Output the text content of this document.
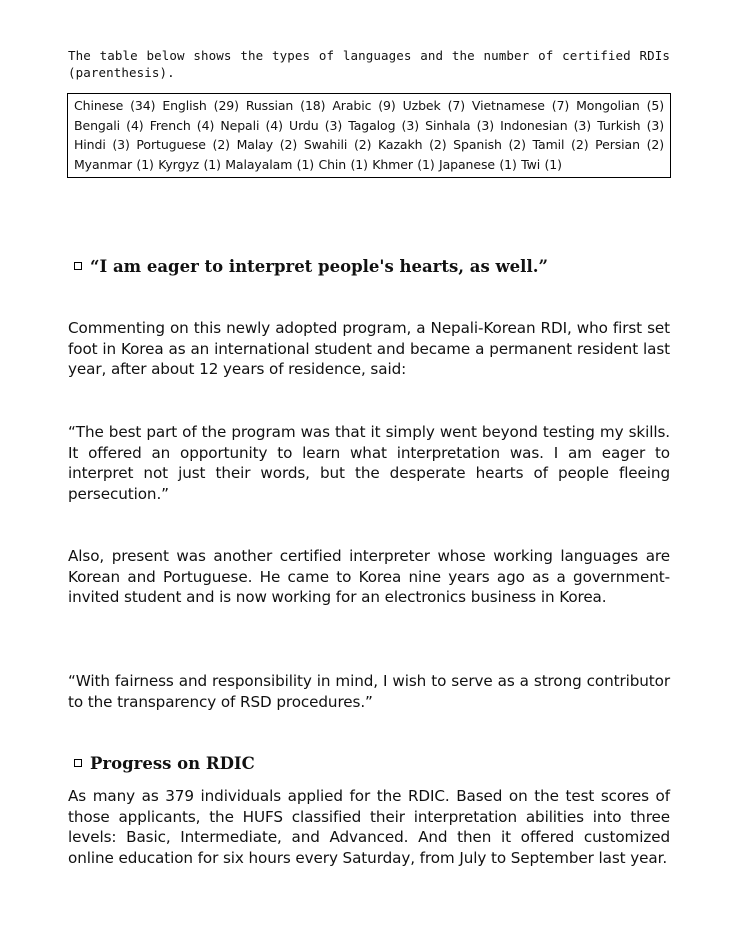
The table below shows the types of languages and the number of certified RDIs (parenthesis).
Chinese (34) English (29) Russian (18) Arabic (9) Uzbek (7) Vietnamese (7) Mongolian (5) Bengali (4) French (4) Nepali (4) Urdu (3) Tagalog (3) Sinhala (3) Indonesian (3) Turkish (3) Hindi (3) Portuguese (2) Malay (2) Swahili (2) Kazakh (2) Spanish (2) Tamil (2) Persian (2) Myanmar (1) Kyrgyz (1) Malayalam (1) Chin (1) Khmer (1) Japanese (1) Twi (1)
“I am eager to interpret people's hearts, as well.”
Commenting on this newly adopted program, a Nepali-Korean RDI, who first set foot in Korea as an international student and became a permanent resident last year, after about 12 years of residence, said:
“The best part of the program was that it simply went beyond testing my skills. It offered an opportunity to learn what interpretation was. I am eager to interpret not just their words, but the desperate hearts of people fleeing persecution.”
Also, present was another certified interpreter whose working languages are Korean and Portuguese. He came to Korea nine years ago as a government-invited student and is now working for an electronics business in Korea.
“With fairness and responsibility in mind, I wish to serve as a strong contributor to the transparency of RSD procedures.”
Progress on RDIC
As many as 379 individuals applied for the RDIC. Based on the test scores of those applicants, the HUFS classified their interpretation abilities into three levels: Basic, Intermediate, and Advanced. And then it offered customized online education for six hours every Saturday, from July to September last year.
